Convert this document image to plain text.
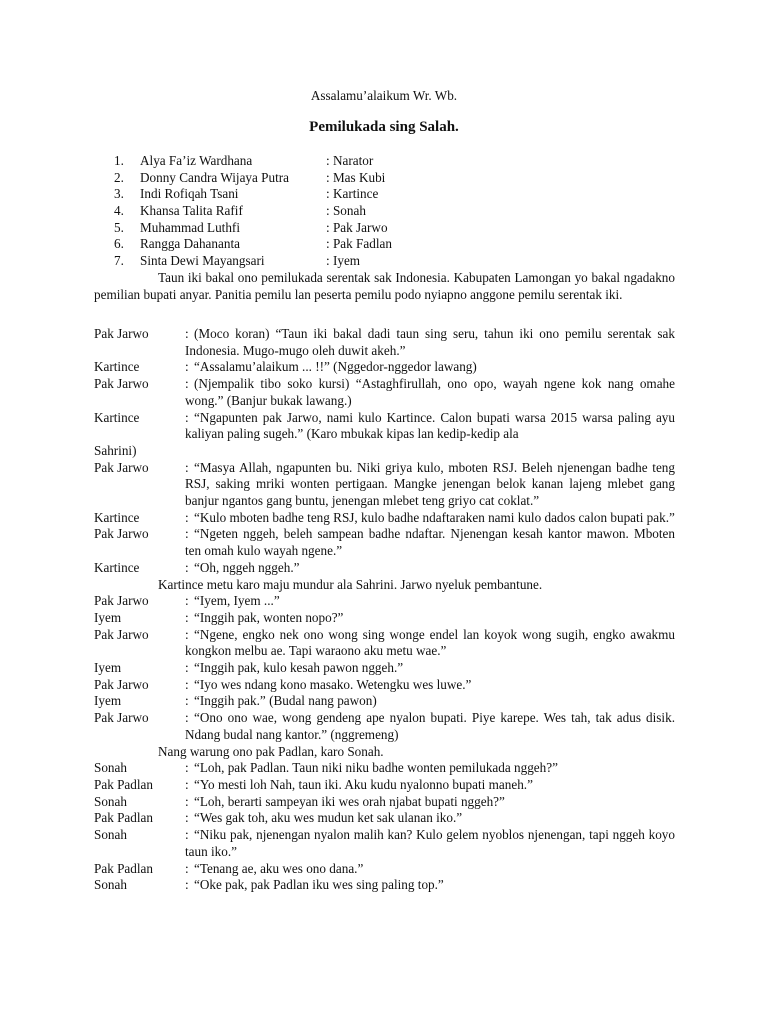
Assalamu’alaikum Wr. Wb.
Pemilukada sing Salah.
1.	Alya Fa’iz Wardhana	: Narator
2.	Donny Candra Wijaya Putra	: Mas Kubi
3.	Indi Rofiqah Tsani	: Kartince
4.	Khansa Talita Rafif	: Sonah
5.	Muhammad Luthfi	: Pak Jarwo
6.	Rangga Dahananta	: Pak Fadlan
7.	Sinta Dewi Mayangsari	: Iyem
Taun iki bakal ono pemilukada serentak sak Indonesia. Kabupaten Lamongan yo bakal ngadakno pemilian bupati anyar. Panitia pemilu lan peserta pemilu podo nyiapno anggone pemilu serentak iki.
Pak Jarwo	: (Moco koran) “Taun iki bakal dadi taun sing seru, tahun iki ono pemilu serentak sak Indonesia. Mugo-mugo oleh duwit akeh.”
Kartince	: “Assalamu’alaikum ... !!” (Nggedor-nggedor lawang)
Pak Jarwo	: (Njempalik tibo soko kursi) “Astaghfirullah, ono opo, wayah ngene kok nang omahe wong.” (Banjur bukak lawang.)
Kartince	: “Ngapunten pak Jarwo, nami kulo Kartince. Calon bupati warsa 2015 warsa paling ayu kaliyan paling sugeh.” (Karo mbukak kipas lan kedip-kedip ala
Sahrini)
Pak Jarwo	: “Masya Allah, ngapunten bu. Niki griya kulo, mboten RSJ. Beleh njenengan badhe teng RSJ, saking mriki wonten pertigaan. Mangke jenengan belok kanan lajeng mlebet gang banjur ngantos gang buntu, jenengan mlebet teng griyo cat coklat.”
Kartince	: “Kulo mboten badhe teng RSJ, kulo badhe ndaftaraken nami kulo dados calon bupati pak.”
Pak Jarwo	: “Ngeten nggeh, beleh sampean badhe ndaftar. Njenengan kesah kantor mawon. Mboten ten omah kulo wayah ngene.”
Kartince	: “Oh, nggeh nggeh.”
Kartince metu karo maju mundur ala Sahrini. Jarwo nyeluk pembantune.
Pak Jarwo	: “Iyem, Iyem ...”
Iyem	: “Inggih pak, wonten nopo?”
Pak Jarwo	: “Ngene, engko nek ono wong sing wonge endel lan koyok wong sugih, engko awakmu kongkon melbu ae. Tapi waraono aku metu wae.”
Iyem	: “Inggih pak, kulo kesah pawon nggeh.”
Pak Jarwo	: “Iyo wes ndang kono masako. Wetengku wes luwe.”
Iyem	: “Inggih pak.” (Budal nang pawon)
Pak Jarwo	: “Ono ono wae, wong gendeng ape nyalon bupati. Piye karepe. Wes tah, tak adus disik. Ndang budal nang kantor.” (nggremeng)
Nang warung ono pak Padlan, karo Sonah.
Sonah	: “Loh, pak Padlan. Taun niki niku badhe wonten pemilukada nggeh?”
Pak Padlan : “Yo mesti loh Nah, taun iki. Aku kudu nyalonno bupati maneh.”
Sonah	: “Loh, berarti sampeyan iki wes orah njabat bupati nggeh?”
Pak Padlan : “Wes gak toh, aku wes mudun ket sak ulanan iko.”
Sonah	: “Niku pak, njenengan nyalon malih kan? Kulo gelem nyoblos njenengan, tapi nggeh koyo taun iko.”
Pak Padlan : “Tenang ae, aku wes ono dana.”
Sonah	: “Oke pak, pak Padlan iku wes sing paling top.”
